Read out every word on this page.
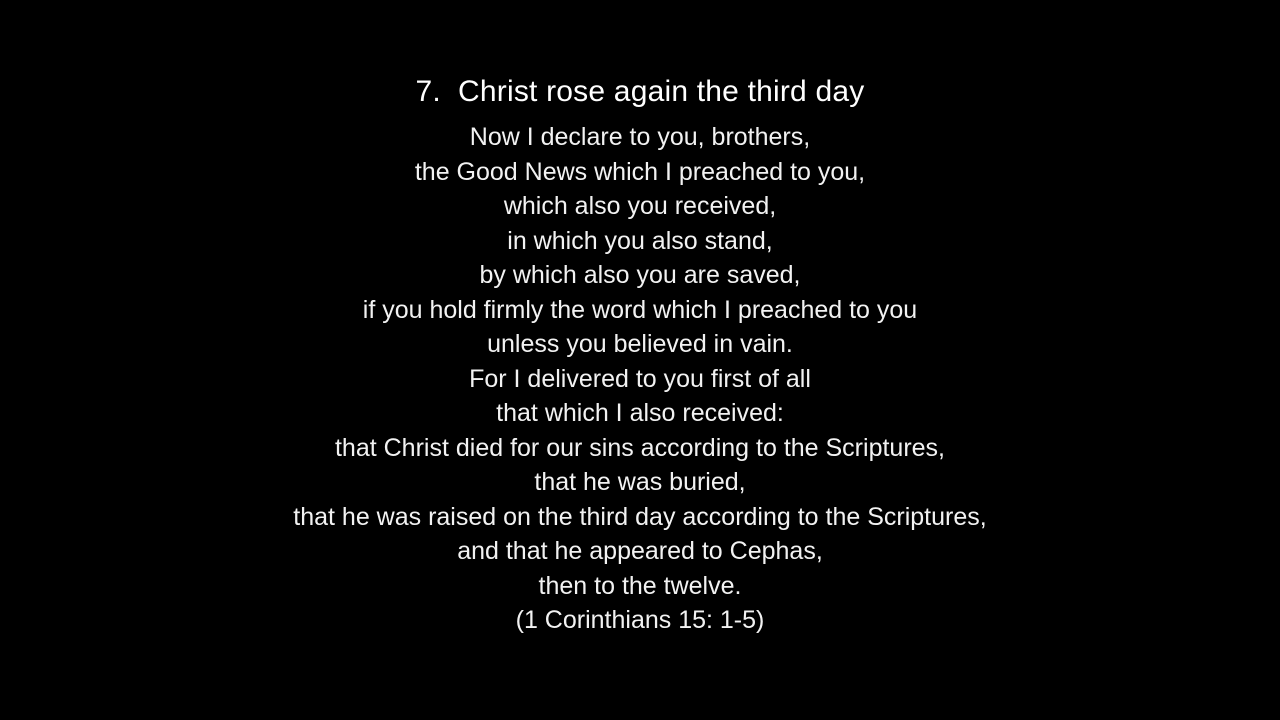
7.  Christ rose again the third day
Now I declare to you, brothers,
the Good News which I preached to you,
which also you received,
in which you also stand,
by which also you are saved,
if you hold firmly the word which I preached to you
unless you believed in vain.
For I delivered to you first of all
that which I also received:
that Christ died for our sins according to the Scriptures,
that he was buried,
that he was raised on the third day according to the Scriptures,
and that he appeared to Cephas,
then to the twelve.
(1 Corinthians 15: 1-5)
